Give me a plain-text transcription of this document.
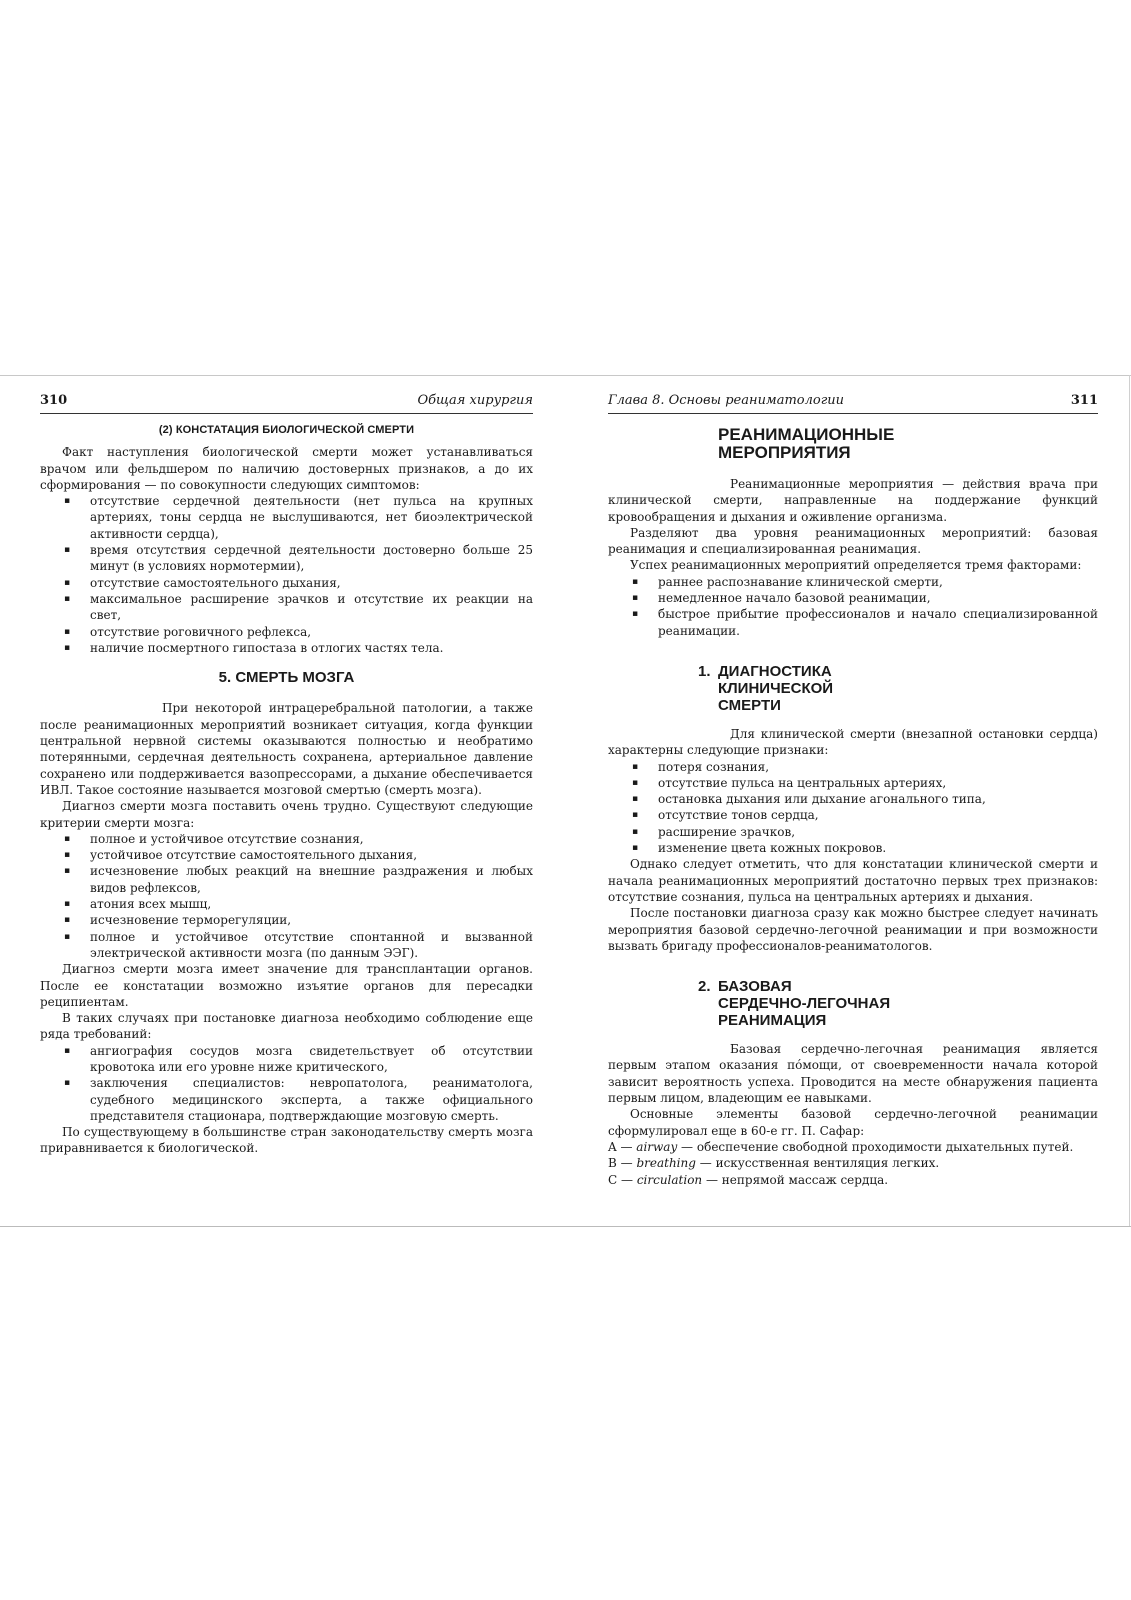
310	Общая хирургия
(2) КОНСТАТАЦИЯ БИОЛОГИЧЕСКОЙ СМЕРТИ

Факт наступления биологической смерти может устанавливаться врачом или фельдшером по наличию достоверных признаков, а до их сформирования — по совокупности следующих симптомов:

▪ отсутствие сердечной деятельности (нет пульса на крупных артериях, тоны сердца не выслушиваются, нет биоэлектрической активности сердца),
▪ время отсутствия сердечной деятельности достоверно больше 25 минут (в условиях нормотермии),
▪ отсутствие самостоятельного дыхания,
▪ максимальное расширение зрачков и отсутствие их реакции на свет,
▪ отсутствие роговичного рефлекса,
▪ наличие посмертного гипостаза в отлогих частях тела.
5. СМЕРТЬ МОЗГА

При некоторой интрацеребральной патологии, а также после реанимационных мероприятий возникает ситуация, когда функции центральной нервной системы оказываются полностью и необратимо потерянными, сердечная деятельность сохранена, артериальное давление сохранено или поддерживается вазопрессорами, а дыхание обеспечивается ИВЛ. Такое состояние называется мозговой смертью (смерть мозга).

Диагноз смерти мозга поставить очень трудно. Существуют следующие критерии смерти мозга:

▪ полное и устойчивое отсутствие сознания,
▪ устойчивое отсутствие самостоятельного дыхания,
▪ исчезновение любых реакций на внешние раздражения и любых видов рефлексов,
▪ атония всех мышц,
▪ исчезновение терморегуляции,
▪ полное и устойчивое отсутствие спонтанной и вызванной электрической активности мозга (по данным ЭЭГ).

Диагноз смерти мозга имеет значение для трансплантации органов. После ее констатации возможно изъятие органов для пересадки реципиентам.

В таких случаях при постановке диагноза необходимо соблюдение еще ряда требований:

▪ ангиография сосудов мозга свидетельствует об отсутствии кровотока или его уровне ниже критического,
▪ заключения специалистов: невропатолога, реаниматолога, судебного медицинского эксперта, а также официального представителя стационара, подтверждающие мозговую смерть.

По существующему в большинстве стран законодательству смерть мозга приравнивается к биологической.

Глава 8. Основы реаниматологии	311
РЕАНИМАЦИОННЫЕ
МЕРОПРИЯТИЯ

Реанимационные мероприятия — действия врача при клинической смерти, направленные на поддержание функций кровообращения и дыхания и оживление организма.

Разделяют два уровня реанимационных мероприятий: базовая реанимация и специализированная реанимация.

Успех реанимационных мероприятий определяется тремя факторами:

▪ раннее распознавание клинической смерти,
▪ немедленное начало базовой реанимации,
▪ быстрое прибытие профессионалов и начало специализированной реанимации.
1. ДИАГНОСТИКА
КЛИНИЧЕСКОЙ
СМЕРТИ

Для клинической смерти (внезапной остановки сердца) характерны следующие признаки:

▪ потеря сознания,
▪ отсутствие пульса на центральных артериях,
▪ остановка дыхания или дыхание агонального типа,
▪ отсутствие тонов сердца,
▪ расширение зрачков,
▪ изменение цвета кожных покровов.

Однако следует отметить, что для констатации клинической смерти и начала реанимационных мероприятий достаточно первых трех признаков: отсутствие сознания, пульса на центральных артериях и дыхания.

После постановки диагноза сразу как можно быстрее следует начинать мероприятия базовой сердечно-легочной реанимации и при возможности вызвать бригаду профессионалов-реаниматологов.

2. БАЗОВАЯ
СЕРДЕЧНО-ЛЕГОЧНАЯ
РЕАНИМАЦИЯ

Базовая сердечно-легочная реанимация является первым этапом оказания пóмощи, от своевременности начала которой зависит вероятность успеха. Проводится на месте обнаружения пациента первым лицом, владеющим ее навыками.

Основные элементы базовой сердечно-легочной реанимации сформулировал еще в 60-е гг. П. Сафар:

A — airway — обеспечение свободной проходимости дыхательных путей.

B — breathing — искусственная вентиляция легких.

C — circulation — непрямой массаж сердца.
